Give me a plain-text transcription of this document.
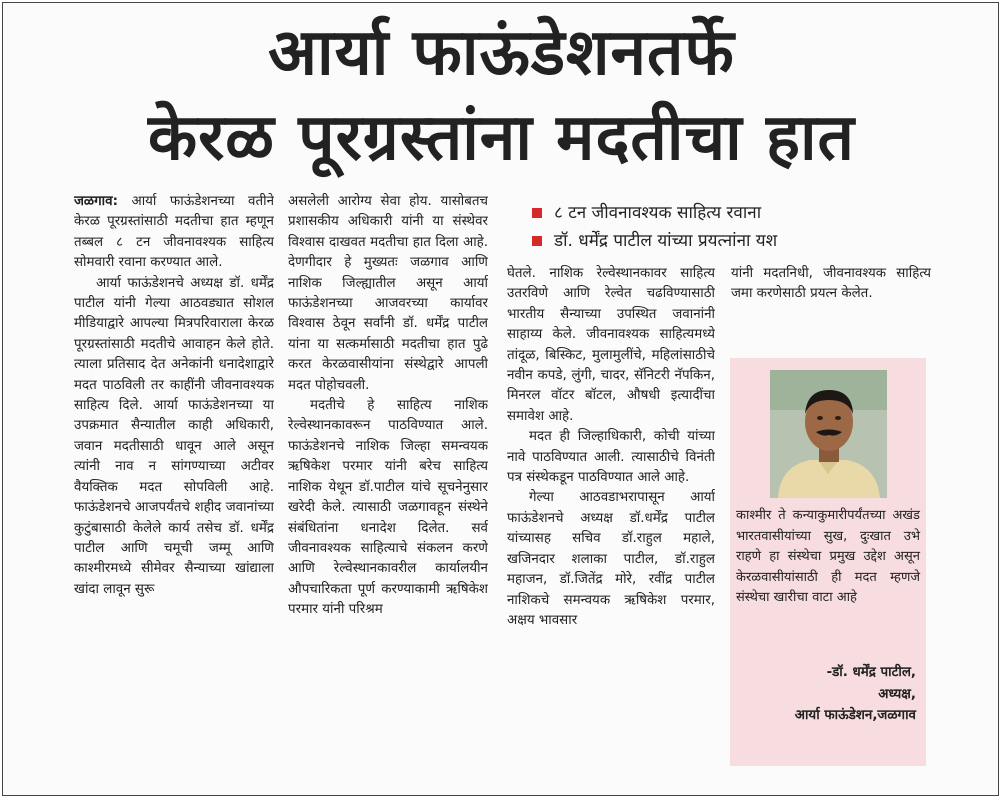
आर्या फाऊंडेशनतर्फे
केरळ पूरग्रस्तांना मदतीचा हात
८ टन जीवनावश्यक साहित्य रवाना
डॉ. धर्मेंद्र पाटील यांच्या प्रयत्नांना यश

जळगाव: आर्या फाऊंडेशनच्या वतीने केरळ पूरग्रस्तांसाठी मदतीचा हात म्हणून तब्बल ८ टन जीवनावश्यक साहित्य सोमवारी रवाना करण्यात आले.

आर्या फाऊंडेशनचे अध्यक्ष डॉ. धर्मेंद्र पाटील यांनी गेल्या आठवड्यात सोशल मीडियाद्वारे आपल्या मित्रपरिवाराला केरळ पूरग्रस्तांसाठी मदतीचे आवाहन केले होते. त्याला प्रतिसाद देत अनेकांनी धनादेशाद्वारे मदत पाठविली तर काहींनी जीवनावश्यक साहित्य दिले. आर्या फाऊंडेशनच्या या उपक्रमात सैन्यातील काही अधिकारी, जवान मदतीसाठी धावून आले असून त्यांनी नाव न सांगण्याच्या अटीवर वैयक्तिक मदत सोपविली आहे. फाऊंडेशनचे आजपर्यंतचे शहीद जवानांच्या कुटुंबासाठी केलेले कार्य तसेच डॉ. धर्मेंद्र पाटील आणि चमूची जम्मू आणि काश्मीरमध्ये सीमेवर सैन्याच्या खांद्याला खांदा लावून सुरू

असलेली आरोग्य सेवा होय. यासोबतच प्रशासकीय अधिकारी यांनी या संस्थेवर विश्वास दाखवत मदतीचा हात दिला आहे. देणगीदार हे मुख्यतः जळगाव आणि नाशिक जिल्ह्यातील असून आर्या फाऊंडेशनच्या आजवरच्या कार्यावर विश्वास ठेवून सर्वांनी डॉ. धर्मेंद्र पाटील यांना या सत्कर्मासाठी मदतीचा हात पुढे करत केरळवासीयांना संस्थेद्वारे आपली मदत पोहोचवली.

मदतीचे हे साहित्य नाशिक रेल्वेस्थानकावरून पाठविण्यात आले. फाऊंडेशनचे नाशिक जिल्हा समन्वयक ऋषिकेश परमार यांनी बरेच साहित्य नाशिक येथून डॉ.पाटील यांचे सूचनेनुसार खरेदी केले. त्यासाठी जळगावहून संस्थेने संबंधितांना धनादेश दिलेत. सर्व जीवनावश्यक साहित्याचे संकलन करणे आणि रेल्वेस्थानकावरील कार्यालयीन औपचारिकता पूर्ण करण्याकामी ऋषिकेश परमार यांनी परिश्रम

घेतले. नाशिक रेल्वेस्थानकावर साहित्य उतरविणे आणि रेल्वेत चढविण्यासाठी भारतीय सैन्याच्या उपस्थित जवानांनी साहाय्य केले. जीवनावश्यक साहित्यमध्ये तांदूळ, बिस्किट, मुलामुलींचे, महिलांसाठीचे नवीन कपडे, लुंगी, चादर, सॅनिटरी नॅपकिन, मिनरल वॉटर बॉटल, औषधी इत्यादींचा समावेश आहे.

मदत ही जिल्हाधिकारी, कोची यांच्या नावे पाठविण्यात आली. त्यासाठीचे विनंती पत्र संस्थेकडून पाठविण्यात आले आहे.

गेल्या आठवडाभरापासून आर्या फाऊंडेशनचे अध्यक्ष डॉ.धर्मेंद्र पाटील यांच्यासह सचिव डॉ.राहुल महाले, खजिनदार शलाका पाटील, डॉ.राहुल महाजन, डॉ.जितेंद्र मोरे, रवींद्र पाटील नाशिकचे समन्वयक ऋषिकेश परमार, अक्षय भावसार

यांनी मदतनिधी, जीवनावश्यक साहित्य जमा करणेसाठी प्रयत्न केलेत.

काश्मीर ते कन्याकुमारीपर्यंतच्या अखंड भारतवासीयांच्या सुख, दुःखात उभे राहणे हा संस्थेचा प्रमुख उद्देश असून केरळवासीयांसाठी ही मदत म्हणजे संस्थेचा खारीचा वाटा आहे
-डॉ. धर्मेंद्र पाटील,
अध्यक्ष,
आर्या फाऊंडेशन,जळगाव
